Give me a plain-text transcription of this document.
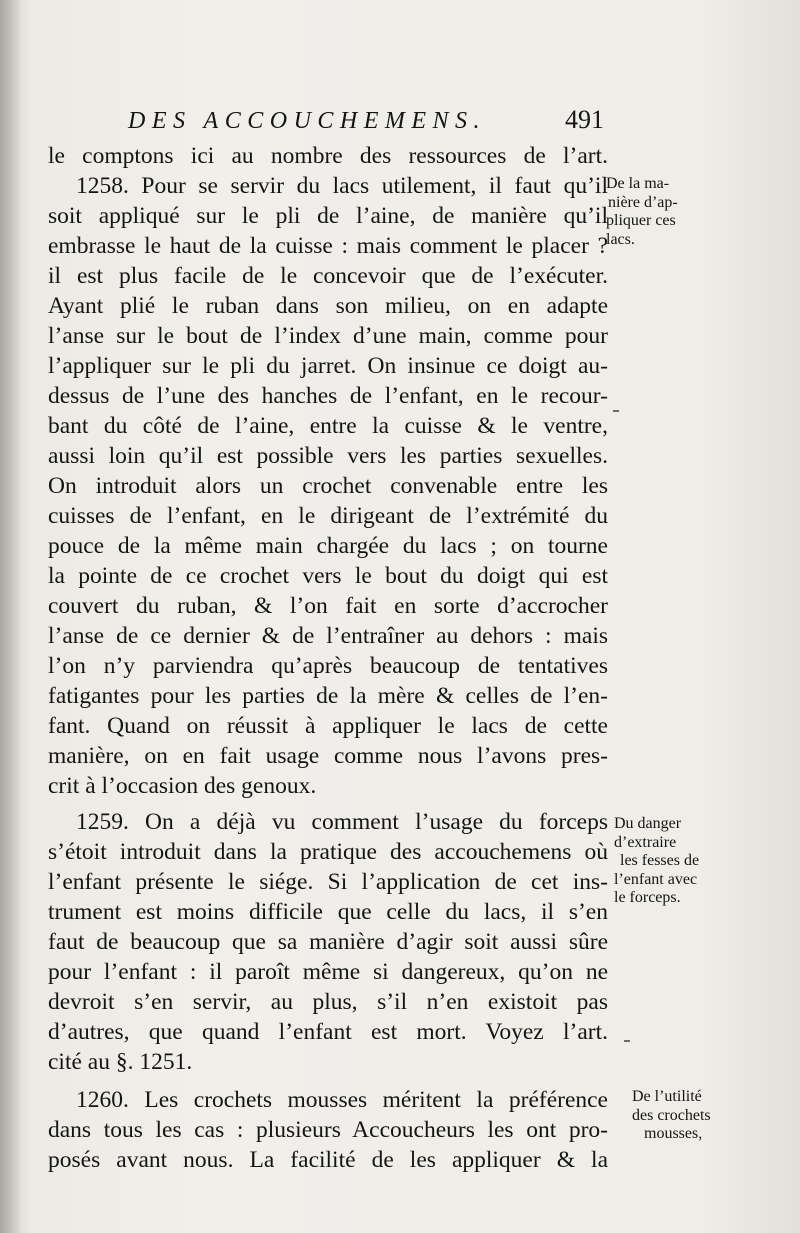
DES ACCOUCHEMENS.	491
le comptons ici au nombre des ressources de l’art.
1258. Pour se servir du lacs utilement, il faut qu’il
soit appliqué sur le pli de l’aine, de manière qu’il
embrasse le haut de la cuisse : mais comment le placer ?
il est plus facile de le concevoir que de l’exécuter.
Ayant plié le ruban dans son milieu, on en adapte
l’anse sur le bout de l’index d’une main, comme pour
l’appliquer sur le pli du jarret. On insinue ce doigt au-
dessus de l’une des hanches de l’enfant, en le recour-
bant du côté de l’aine, entre la cuisse & le ventre,
aussi loin qu’il est possible vers les parties sexuelles.
On introduit alors un crochet convenable entre les
cuisses de l’enfant, en le dirigeant de l’extrémité du
pouce de la même main chargée du lacs ; on tourne
la pointe de ce crochet vers le bout du doigt qui est
couvert du ruban, & l’on fait en sorte d’accrocher
l’anse de ce dernier & de l’entraîner au dehors : mais
l’on n’y parviendra qu’après beaucoup de tentatives
fatigantes pour les parties de la mère & celles de l’en-
fant. Quand on réussit à appliquer le lacs de cette
manière, on en fait usage comme nous l’avons pres-
crit à l’occasion des genoux.
1259. On a déjà vu comment l’usage du forceps
s’étoit introduit dans la pratique des accouchemens où
l’enfant présente le siége. Si l’application de cet ins-
trument est moins difficile que celle du lacs, il s’en
faut de beaucoup que sa manière d’agir soit aussi sûre
pour l’enfant : il paroît même si dangereux, qu’on ne
devroit s’en servir, au plus, s’il n’en existoit pas
d’autres, que quand l’enfant est mort. Voyez l’art.
cité au §. 1251.
1260. Les crochets mousses méritent la préférence
dans tous les cas : plusieurs Accoucheurs les ont pro-
posés avant nous. La facilité de les appliquer & la
De la ma-
nière d’ap-
pliquer ces
lacs.
Du danger
d’extraire
les fesses de
l’enfant avec
le forceps.
De l’utilité
des crochets
mousses,
